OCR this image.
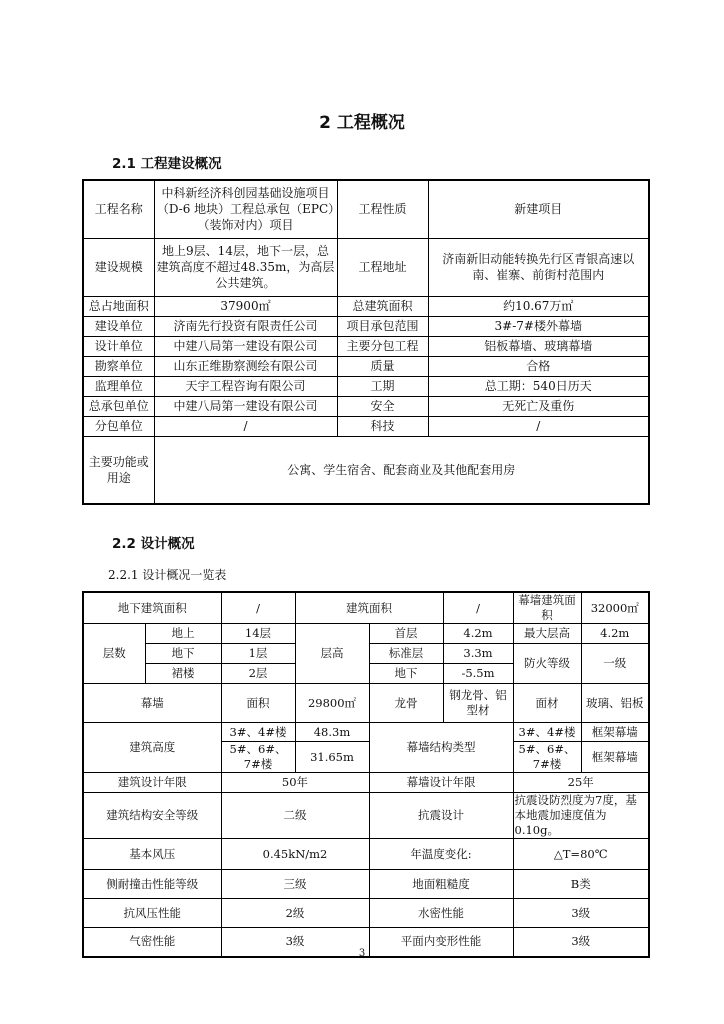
2 工程概况
2.1 工程建设概况
工程名称	中科新经济科创园基础设施项目（D-6 地块）工程总承包（EPC）（装饰对内）项目	工程性质	新建项目
建设规模	地上9层、14层，地下一层，总建筑高度不超过48.35m，为高层公共建筑。	工程地址	济南新旧动能转换先行区青银高速以南、崔寨、前街村范围内
总占地面积	37900㎡	总建筑面积	约10.67万㎡
建设单位	济南先行投资有限责任公司	项目承包范围	3#-7#楼外幕墙
设计单位	中建八局第一建设有限公司	主要分包工程	铝板幕墙、玻璃幕墙
勘察单位	山东正维勘察测绘有限公司	质量	合格
监理单位	天宇工程咨询有限公司	工期	总工期：540日历天
总承包单位	中建八局第一建设有限公司	安全	无死亡及重伤
分包单位	/	科技	/
主要功能或用途	公寓、学生宿舍、配套商业及其他配套用房		
2.2 设计概况
2.2.1 设计概况一览表
地下建筑面积		/	建筑面积		/	幕墙建筑面积	32000㎡
层数	地上	14层	层高	首层	4.2m	最大层高	4.2m
	地下	1层		标准层	3.3m	防火等级	一级
	裙楼	2层		地下	-5.5m		
幕墙		面积	29800㎡	龙骨	钢龙骨、铝型材	面材	玻璃、铝板
建筑高度		3#、4#楼	48.3m	幕墙结构类型		3#、4#楼	框架幕墙
		5#、6#、7#楼	31.65m			5#、6#、7#楼	框架幕墙
建筑设计年限		50年		幕墙设计年限		25年	
建筑结构安全等级		二级		抗震设计		抗震设防烈度为7度，基本地震加速度值为0.10g。	
基本风压		0.45kN/m2		年温度变化:		△T=80℃	
侧耐撞击性能等级		三级		地面粗糙度		B类	
抗风压性能		2级		水密性能		3级	
气密性能		3级		平面内变形性能		3级	
3
